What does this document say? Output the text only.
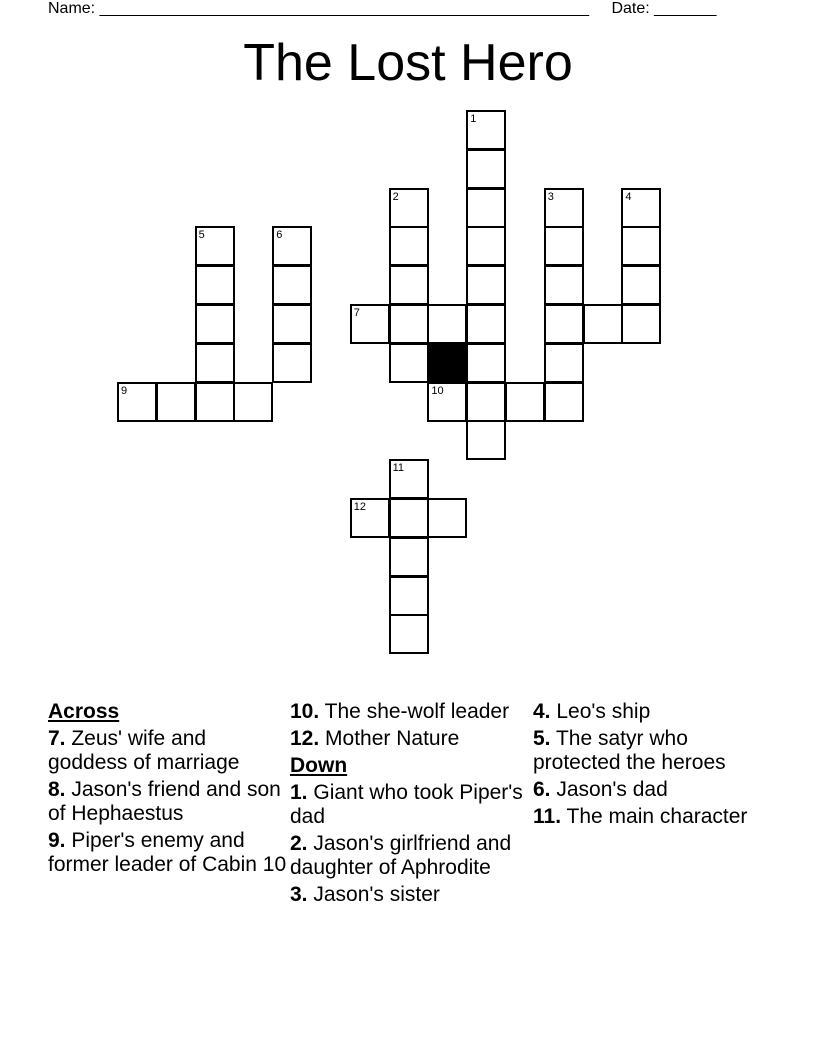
Name: _______________________________________________________ Date: _______
The Lost Hero
1
2	3	4
5	6
7
9	10
11
12
Across
7. Zeus' wife and goddess of marriage
8. Jason's friend and son of Hephaestus
9. Piper's enemy and former leader of Cabin 10
10. The she-wolf leader
12. Mother Nature
Down
1. Giant who took Piper's dad
2. Jason's girlfriend and daughter of Aphrodite
3. Jason's sister
4. Leo's ship
5. The satyr who protected the heroes
6. Jason's dad
11. The main character
